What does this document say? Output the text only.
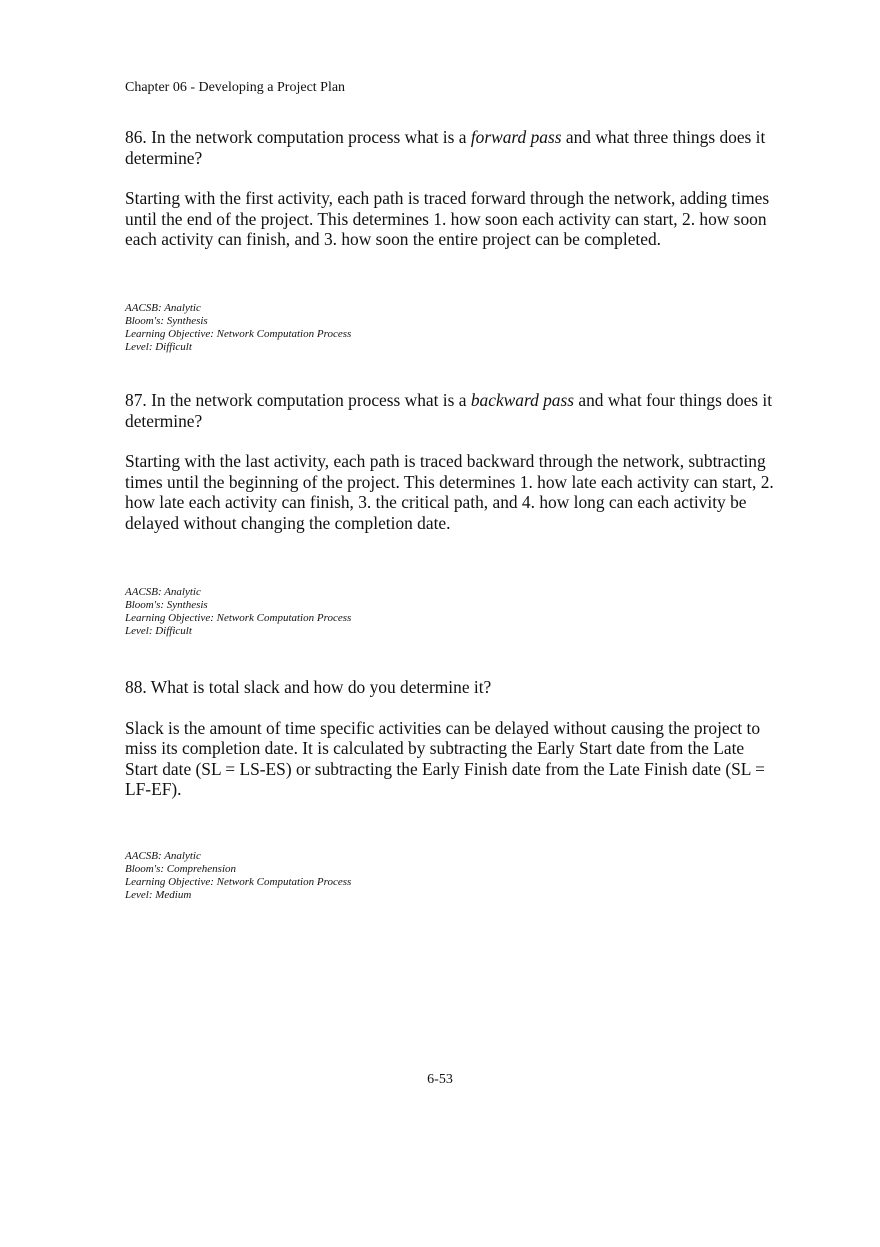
Chapter 06 - Developing a Project Plan

86. In the network computation process what is a forward pass and what three things does it determine?

Starting with the first activity, each path is traced forward through the network, adding times until the end of the project. This determines 1. how soon each activity can start, 2. how soon each activity can finish, and 3. how soon the entire project can be completed.

AACSB: Analytic
Bloom's: Synthesis
Learning Objective: Network Computation Process
Level: Difficult

87. In the network computation process what is a backward pass and what four things does it determine?

Starting with the last activity, each path is traced backward through the network, subtracting times until the beginning of the project. This determines 1. how late each activity can start, 2. how late each activity can finish, 3. the critical path, and 4. how long can each activity be delayed without changing the completion date.

AACSB: Analytic
Bloom's: Synthesis
Learning Objective: Network Computation Process
Level: Difficult

88. What is total slack and how do you determine it?

Slack is the amount of time specific activities can be delayed without causing the project to miss its completion date. It is calculated by subtracting the Early Start date from the Late Start date (SL = LS-ES) or subtracting the Early Finish date from the Late Finish date (SL = LF-EF).

AACSB: Analytic
Bloom's: Comprehension
Learning Objective: Network Computation Process
Level: Medium
6-53
